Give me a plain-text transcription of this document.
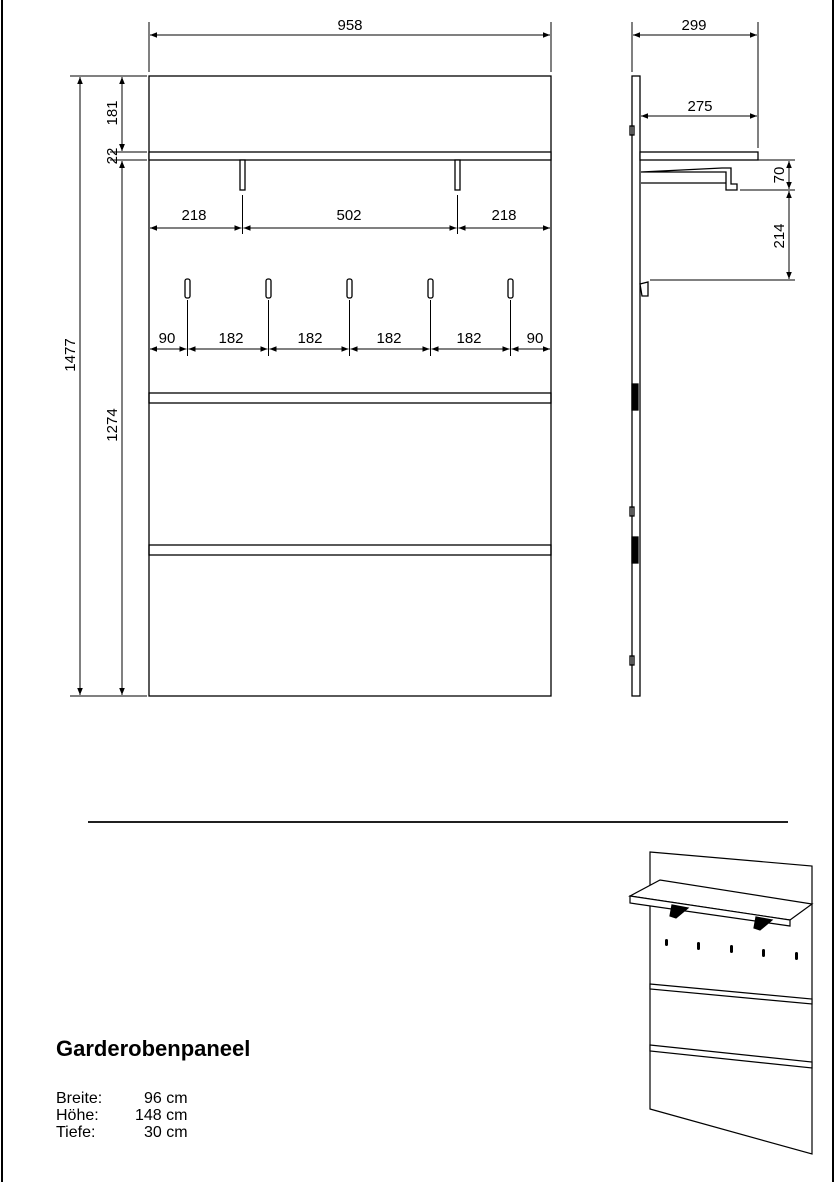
958
1477
181
22
1274
218	502	218
90	182	182	182	182	90
299
275
70
214
Garderobenpaneel
Breite:	96 cm
Höhe:	148 cm
Tiefe:	30 cm
